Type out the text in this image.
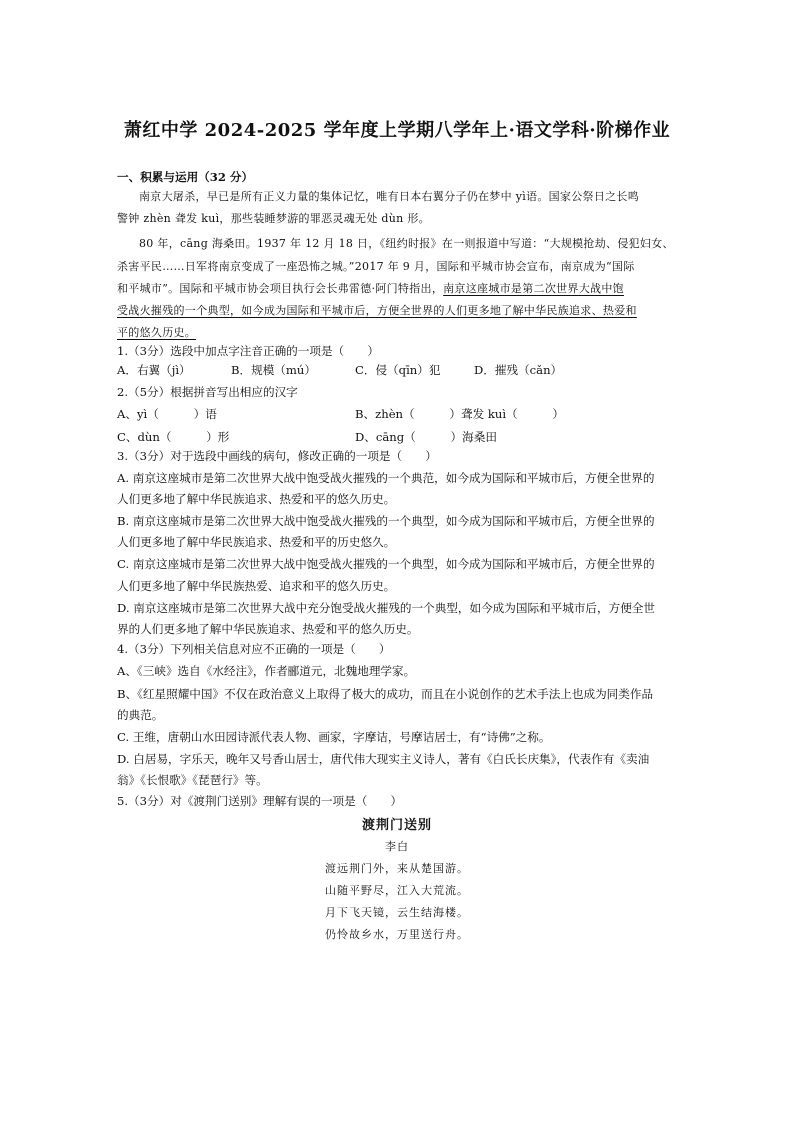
萧红中学 2024-2025 学年度上学期八学年上·语文学科·阶梯作业
一、积累与运用（32 分）
南京大屠杀，早已是所有正义力量的集体记忆，唯有日本右翼分子仍在梦中 yì语。国家公祭日之长鸣
警钟 zhèn 聋发 kuì，那些装睡梦游的罪恶灵魂无处 dùn 形。
80 年，cāng 海桑田。1937 年 12 月 18 日，《纽约时报》在一则报道中写道：“大规模抢劫、侵犯妇女、
杀害平民……日军将南京变成了一座恐怖之城。”2017 年 9 月，国际和平城市协会宣布，南京成为“国际
和平城市”。国际和平城市协会项目执行会长弗雷德·阿门特指出，南京这座城市是第二次世界大战中饱
受战火摧残的一个典型，如今成为国际和平城市后，方便全世界的人们更多地了解中华民族追求、热爱和
平的悠久历史。
1.（3分）选段中加点字注音正确的一项是（　　）
A．右翼（jì）	B．规模（mú）	C．侵（qīn）犯	D．摧残（cǎn）
2.（5分）根据拼音写出相应的汉字
A、yì（　　　）语	B、zhèn（　　　）聋发 kuì（　　　）
C、dùn（　　　）形	D、cāng（　　　）海桑田
3.（3分）对于选段中画线的病句，修改正确的一项是（　　）
A. 南京这座城市是第二次世界大战中饱受战火摧残的一个典范，如今成为国际和平城市后，方便全世界的
人们更多地了解中华民族追求、热爱和平的悠久历史。
B. 南京这座城市是第二次世界大战中饱受战火摧残的一个典型，如今成为国际和平城市后，方便全世界的
人们更多地了解中华民族追求、热爱和平的历史悠久。
C. 南京这座城市是第二次世界大战中饱受战火摧残的一个典型，如今成为国际和平城市后，方便全世界的
人们更多地了解中华民族热爱、追求和平的悠久历史。
D. 南京这座城市是第二次世界大战中充分饱受战火摧残的一个典型，如今成为国际和平城市后，方便全世
界的人们更多地了解中华民族追求、热爱和平的悠久历史。
4.（3分）下列相关信息对应不正确的一项是（　　）
A、《三峡》选自《水经注》，作者郦道元，北魏地理学家。
B、《红星照耀中国》不仅在政治意义上取得了极大的成功，而且在小说创作的艺术手法上也成为同类作品
的典范。
C. 王维，唐朝山水田园诗派代表人物、画家，字摩诘，号摩诘居士，有“诗佛”之称。
D. 白居易，字乐天，晚年又号香山居士，唐代伟大现实主义诗人，著有《白氏长庆集》，代表作有《卖油
翁》《长恨歌》《琵琶行》等。
5.（3分）对《渡荆门送别》理解有误的一项是（　　）
渡荆门送别
李白
渡远荆门外，来从楚国游。
山随平野尽，江入大荒流。
月下飞天镜，云生结海楼。
仍怜故乡水，万里送行舟。
